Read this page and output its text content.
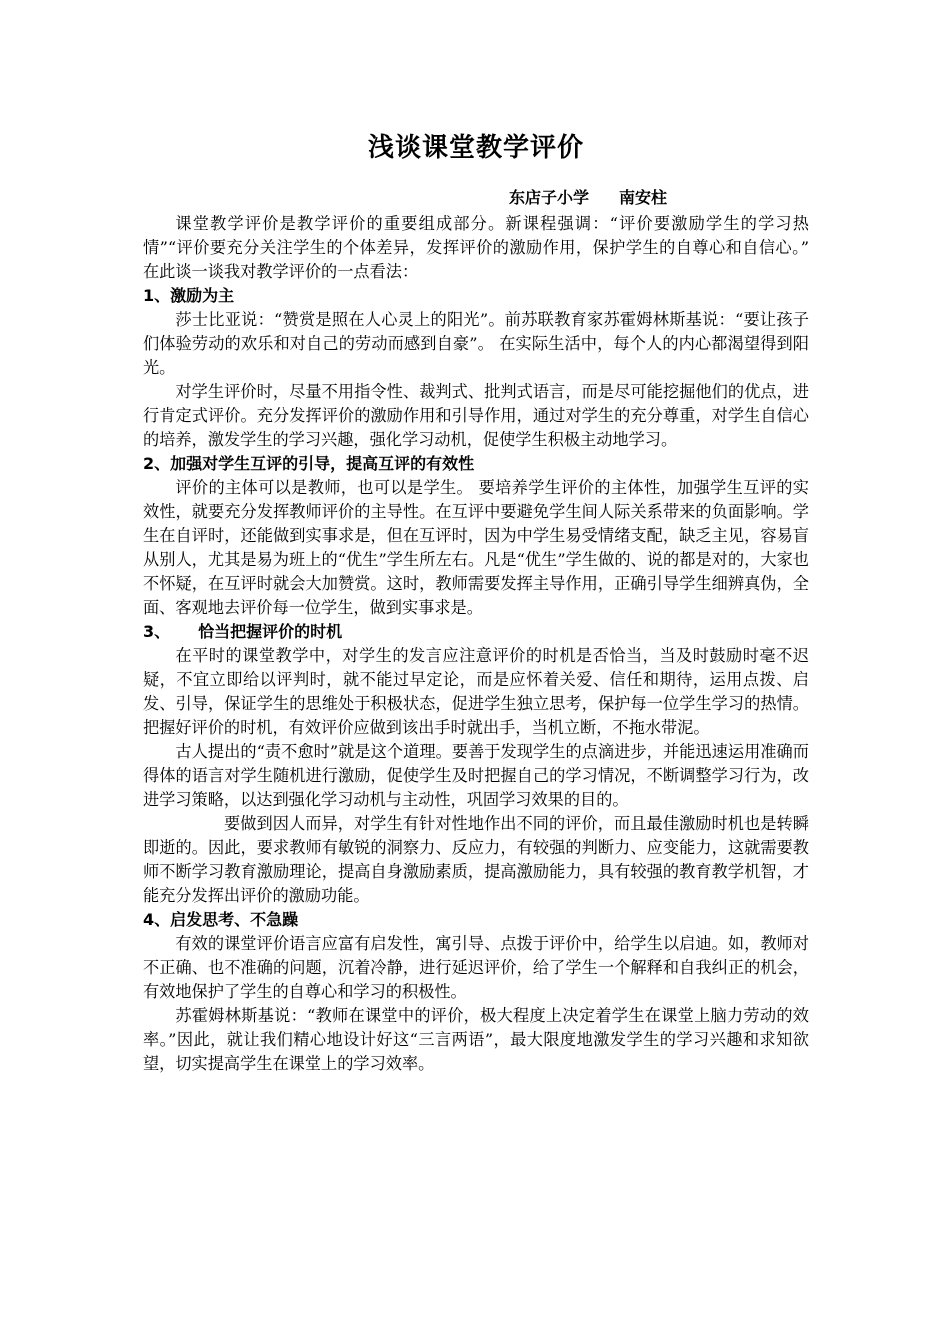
浅谈课堂教学评价
东店子小学 南安柱

课堂教学评价是教学评价的重要组成部分。新课程强调：“评价要激励学生的学习热情”“评价要充分关注学生的个体差异，发挥评价的激励作用，保护学生的自尊心和自信心。” 在此谈一谈我对教学评价的一点看法：

1、激励为主

莎士比亚说：“赞赏是照在人心灵上的阳光”。前苏联教育家苏霍姆林斯基说：“要让孩子们体验劳动的欢乐和对自己的劳动而感到自豪”。 在实际生活中，每个人的内心都渴望得到阳光。

对学生评价时，尽量不用指令性、裁判式、批判式语言，而是尽可能挖掘他们的优点，进行肯定式评价。充分发挥评价的激励作用和引导作用，通过对学生的充分尊重，对学生自信心的培养，激发学生的学习兴趣，强化学习动机，促使学生积极主动地学习。

2、加强对学生互评的引导，提高互评的有效性

评价的主体可以是教师，也可以是学生。 要培养学生评价的主体性，加强学生互评的实效性，就要充分发挥教师评价的主导性。在互评中要避免学生间人际关系带来的负面影响。学生在自评时，还能做到实事求是，但在互评时，因为中学生易受情绪支配，缺乏主见，容易盲从别人，尤其是易为班上的“优生”学生所左右。凡是“优生”学生做的、说的都是对的，大家也不怀疑，在互评时就会大加赞赏。这时，教师需要发挥主导作用，正确引导学生细辨真伪，全面、客观地去评价每一位学生，做到实事求是。

3、 恰当把握评价的时机

在平时的课堂教学中，对学生的发言应注意评价的时机是否恰当，当及时鼓励时毫不迟疑，不宜立即给以评判时，就不能过早定论，而是应怀着关爱、信任和期待，运用点拨、启发、引导，保证学生的思维处于积极状态，促进学生独立思考，保护每一位学生学习的热情。把握好评价的时机，有效评价应做到该出手时就出手，当机立断，不拖水带泥。

古人提出的“责不愈时”就是这个道理。要善于发现学生的点滴进步，并能迅速运用准确而得体的语言对学生随机进行激励，促使学生及时把握自己的学习情况，不断调整学习行为，改进学习策略，以达到强化学习动机与主动性，巩固学习效果的目的。

要做到因人而异，对学生有针对性地作出不同的评价，而且最佳激励时机也是转瞬即逝的。因此，要求教师有敏锐的洞察力、反应力，有较强的判断力、应变能力，这就需要教师不断学习教育激励理论，提高自身激励素质，提高激励能力，具有较强的教育教学机智，才能充分发挥出评价的激励功能。

4、启发思考、不急躁

有效的课堂评价语言应富有启发性，寓引导、点拨于评价中，给学生以启迪。如，教师对不正确、也不准确的问题，沉着冷静，进行延迟评价，给了学生一个解释和自我纠正的机会，有效地保护了学生的自尊心和学习的积极性。

苏霍姆林斯基说：“教师在课堂中的评价，极大程度上决定着学生在课堂上脑力劳动的效率。”因此，就让我们精心地设计好这“三言两语”，最大限度地激发学生的学习兴趣和求知欲望，切实提高学生在课堂上的学习效率。
